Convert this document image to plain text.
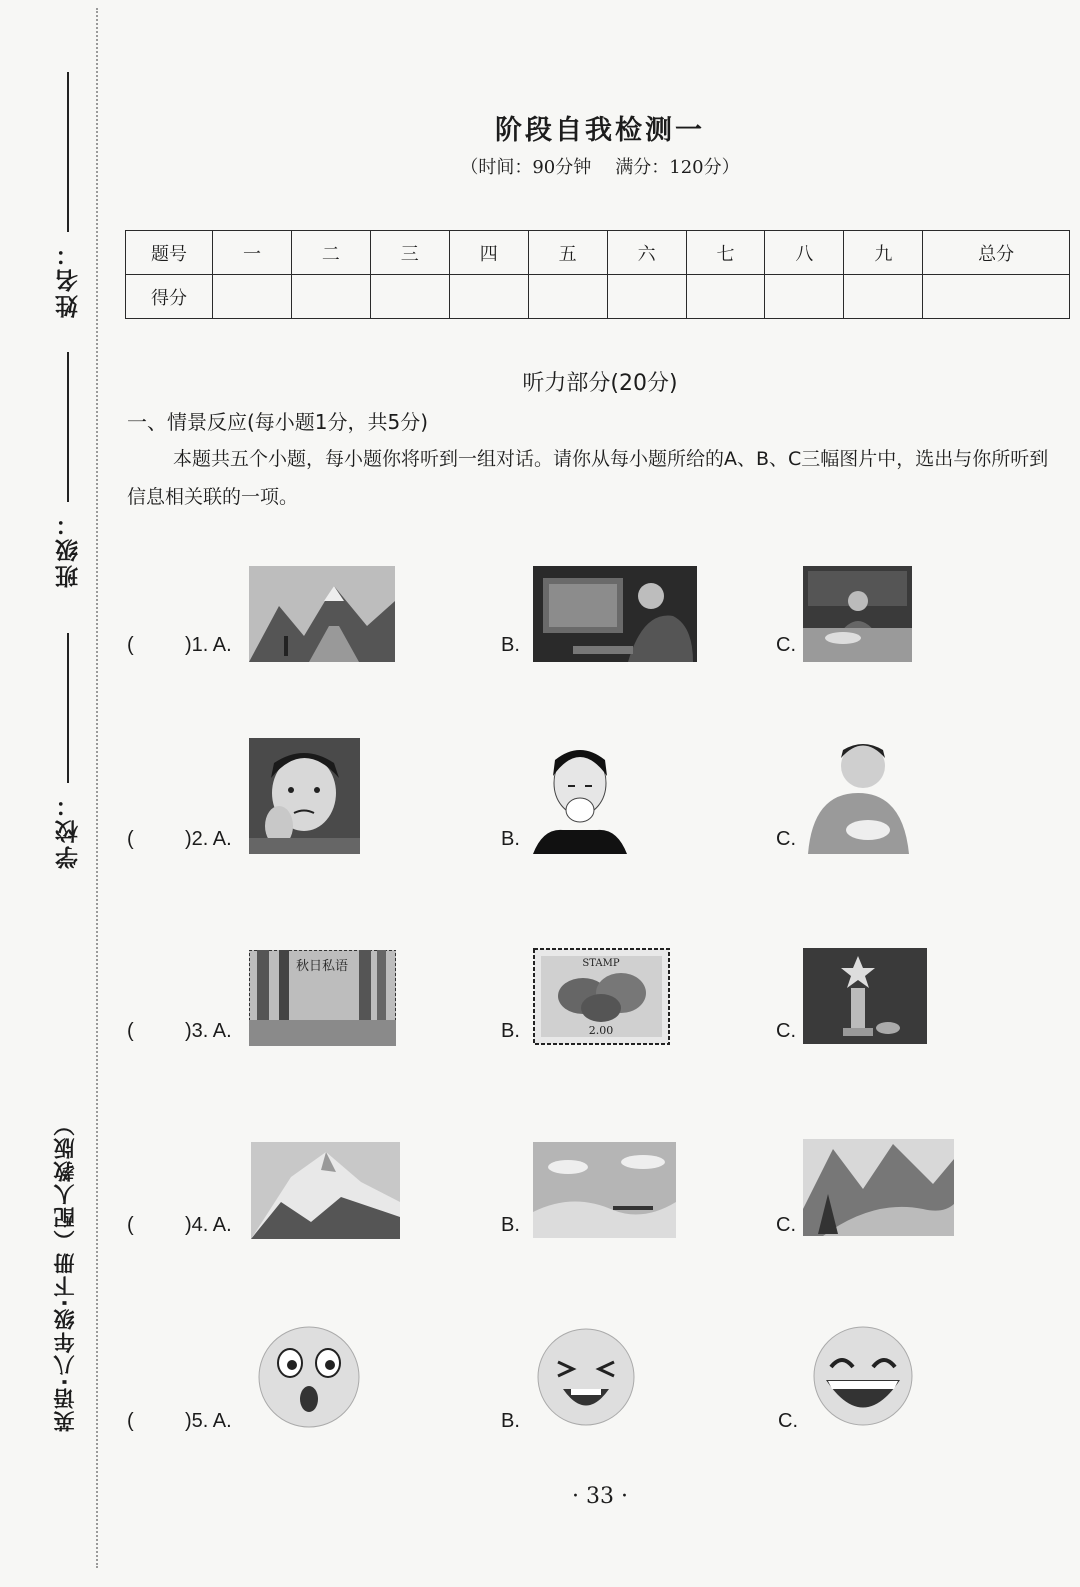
姓名：
班级：
学校：
英语·八年级·下册（配人教版）
阶段自我检测一
（时间：90分钟 满分：120分）
题号	一	二	三	四	五	六	七	八	九	总分
得分										
听力部分(20分)
一、情景反应(每小题1分，共5分)
本题共五个小题，每小题你将听到一组对话。请你从每小题所给的A、B、C三幅图片中，选出与你所听到信息相关联的一项。
(	)1. A.	B.	C.
(	)2. A.	B.	C.
(	)3. A.
秋日私语
B.
STAMP
2.00	C.
(	)4. A.	B.	C.
(	)5. A.	B.	C.
· 33 ·
